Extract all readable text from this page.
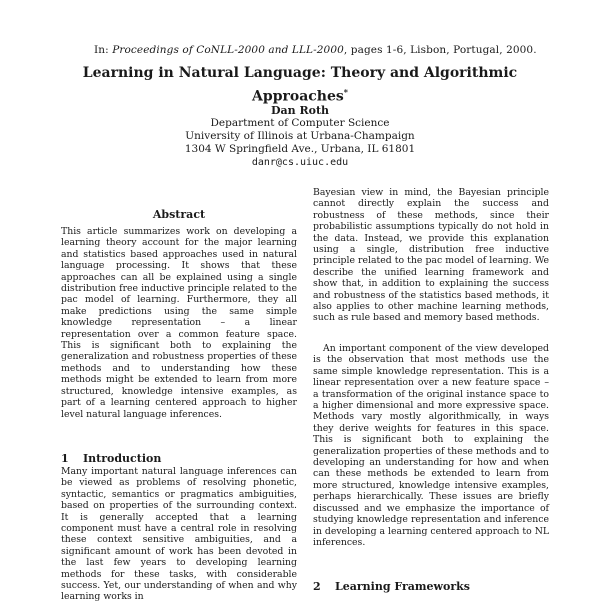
In: Proceedings of CoNLL-2000 and LLL-2000, pages 1-6, Lisbon, Portugal, 2000.
Learning in Natural Language: Theory and Algorithmic Approaches*
Dan Roth
Department of Computer Science
University of Illinois at Urbana-Champaign
1304 W Springfield Ave., Urbana, IL 61801
danr@cs.uiuc.edu
Abstract
This article summarizes work on developing a learning theory account for the major learning and statistics based approaches used in natural language processing. It shows that these approaches can all be explained using a single distribution free inductive principle related to the pac model of learning. Furthermore, they all make predictions using the same simple knowledge representation – a linear representation over a common feature space. This is significant both to explaining the generalization and robustness properties of these methods and to understanding how these methods might be extended to learn from more structured, knowledge intensive examples, as part of a learning centered approach to higher level natural language inferences.
1 Introduction
Many important natural language inferences can be viewed as problems of resolving phonetic, syntactic, semantics or pragmatics ambiguities, based on properties of the surrounding context. It is generally accepted that a learning component must have a central role in resolving these context sensitive ambiguities, and a significant amount of work has been devoted in the last few years to developing learning methods for these tasks, with considerable success. Yet, our understanding of when and why learning works in
Bayesian view in mind, the Bayesian principle cannot directly explain the success and robustness of these methods, since their probabilistic assumptions typically do not hold in the data. Instead, we provide this explanation using a single, distribution free inductive principle related to the pac model of learning. We describe the unified learning framework and show that, in addition to explaining the success and robustness of the statistics based methods, it also applies to other machine learning methods, such as rule based and memory based methods.
An important component of the view developed is the observation that most methods use the same simple knowledge representation. This is a linear representation over a new feature space – a transformation of the original instance space to a higher dimensional and more expressive space. Methods vary mostly algorithmically, in ways they derive weights for features in this space. This is significant both to explaining the generalization properties of these methods and to developing an understanding for how and when can these methods be extended to learn from more structured, knowledge intensive examples, perhaps hierarchically. These issues are briefly discussed and we emphasize the importance of studying knowledge representation and inference in developing a learning centered approach to NL inferences.
2 Learning Frameworks
